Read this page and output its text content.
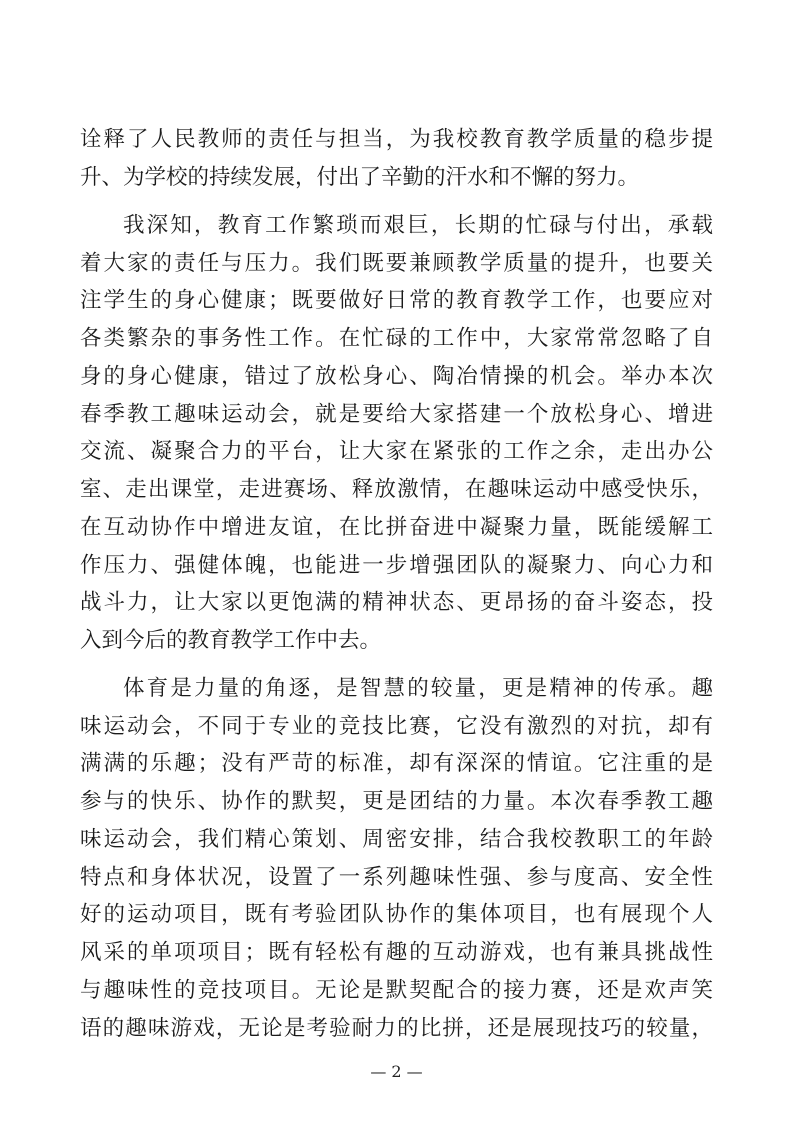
诠释了人民教师的责任与担当，为我校教育教学质量的稳步提
升、为学校的持续发展，付出了辛勤的汗水和不懈的努力。
我深知，教育工作繁琐而艰巨，长期的忙碌与付出，承载
着大家的责任与压力。我们既要兼顾教学质量的提升，也要关
注学生的身心健康；既要做好日常的教育教学工作，也要应对
各类繁杂的事务性工作。在忙碌的工作中，大家常常忽略了自
身的身心健康，错过了放松身心、陶冶情操的机会。举办本次
春季教工趣味运动会，就是要给大家搭建一个放松身心、增进
交流、凝聚合力的平台，让大家在紧张的工作之余，走出办公
室、走出课堂，走进赛场、释放激情，在趣味运动中感受快乐，
在互动协作中增进友谊，在比拼奋进中凝聚力量，既能缓解工
作压力、强健体魄，也能进一步增强团队的凝聚力、向心力和
战斗力，让大家以更饱满的精神状态、更昂扬的奋斗姿态，投
入到今后的教育教学工作中去。
体育是力量的角逐，是智慧的较量，更是精神的传承。趣
味运动会，不同于专业的竞技比赛，它没有激烈的对抗，却有
满满的乐趣；没有严苛的标准，却有深深的情谊。它注重的是
参与的快乐、协作的默契，更是团结的力量。本次春季教工趣
味运动会，我们精心策划、周密安排，结合我校教职工的年龄
特点和身体状况，设置了一系列趣味性强、参与度高、安全性
好的运动项目，既有考验团队协作的集体项目，也有展现个人
风采的单项项目；既有轻松有趣的互动游戏，也有兼具挑战性
与趣味性的竞技项目。无论是默契配合的接力赛，还是欢声笑
语的趣味游戏，无论是考验耐力的比拼，还是展现技巧的较量，
— 2 —
